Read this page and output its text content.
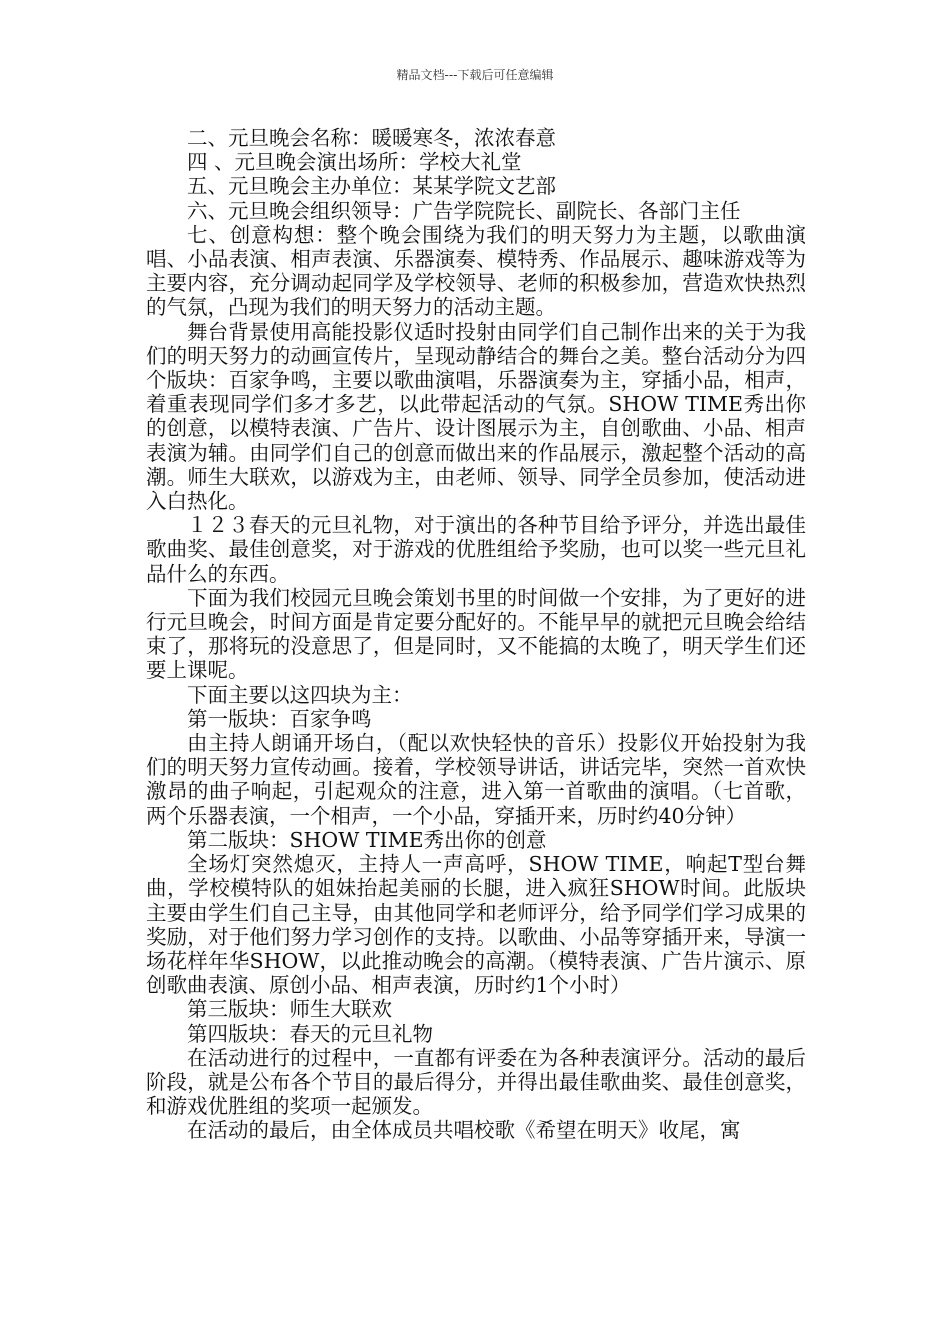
精品文档---下载后可任意编辑

二、元旦晚会名称：暖暖寒冬，浓浓春意

四 、元旦晚会演出场所：学校大礼堂

五、元旦晚会主办单位：某某学院文艺部

六、元旦晚会组织领导：广告学院院长、副院长、各部门主任

七、创意构想：整个晚会围绕为我们的明天努力为主题，以歌曲演唱、小品表演、相声表演、乐器演奏、模特秀、作品展示、趣味游戏等为主要内容，充分调动起同学及学校领导、老师的积极参加，营造欢快热烈的气氛，凸现为我们的明天努力的活动主题。

舞台背景使用高能投影仪适时投射由同学们自己制作出来的关于为我们的明天努力的动画宣传片，呈现动静结合的舞台之美。整台活动分为四个版块：百家争鸣，主要以歌曲演唱，乐器演奏为主，穿插小品，相声，着重表现同学们多才多艺，以此带起活动的气氛。SHOW TIME秀出你的创意，以模特表演、广告片、设计图展示为主，自创歌曲、小品、相声表演为辅。由同学们自己的创意而做出来的作品展示，激起整个活动的高潮。师生大联欢，以游戏为主，由老师、领导、同学全员参加，使活动进入白热化。

１２３春天的元旦礼物，对于演出的各种节目给予评分，并选出最佳歌曲奖、最佳创意奖，对于游戏的优胜组给予奖励，也可以奖一些元旦礼品什么的东西。

下面为我们校园元旦晚会策划书里的时间做一个安排，为了更好的进行元旦晚会，时间方面是肯定要分配好的。不能早早的就把元旦晚会给结束了，那将玩的没意思了，但是同时，又不能搞的太晚了，明天学生们还要上课呢。

下面主要以这四块为主：

第一版块：百家争鸣

由主持人朗诵开场白，（配以欢快轻快的音乐）投影仪开始投射为我们的明天努力宣传动画。接着，学校领导讲话，讲话完毕，突然一首欢快激昂的曲子响起，引起观众的注意，进入第一首歌曲的演唱。（七首歌，两个乐器表演，一个相声，一个小品，穿插开来，历时约40分钟）

第二版块：SHOW TIME秀出你的创意

全场灯突然熄灭，主持人一声高呼，SHOW TIME，响起T型台舞曲，学校模特队的姐妹抬起美丽的长腿，进入疯狂SHOW时间。此版块主要由学生们自己主导，由其他同学和老师评分，给予同学们学习成果的奖励，对于他们努力学习创作的支持。以歌曲、小品等穿插开来，导演一场花样年华SHOW，以此推动晚会的高潮。（模特表演、广告片演示、原创歌曲表演、原创小品、相声表演，历时约1个小时）

第三版块：师生大联欢

第四版块：春天的元旦礼物

在活动进行的过程中，一直都有评委在为各种表演评分。活动的最后阶段，就是公布各个节目的最后得分，并得出最佳歌曲奖、最佳创意奖，和游戏优胜组的奖项一起颁发。

在活动的最后，由全体成员共唱校歌《希望在明天》收尾，寓
